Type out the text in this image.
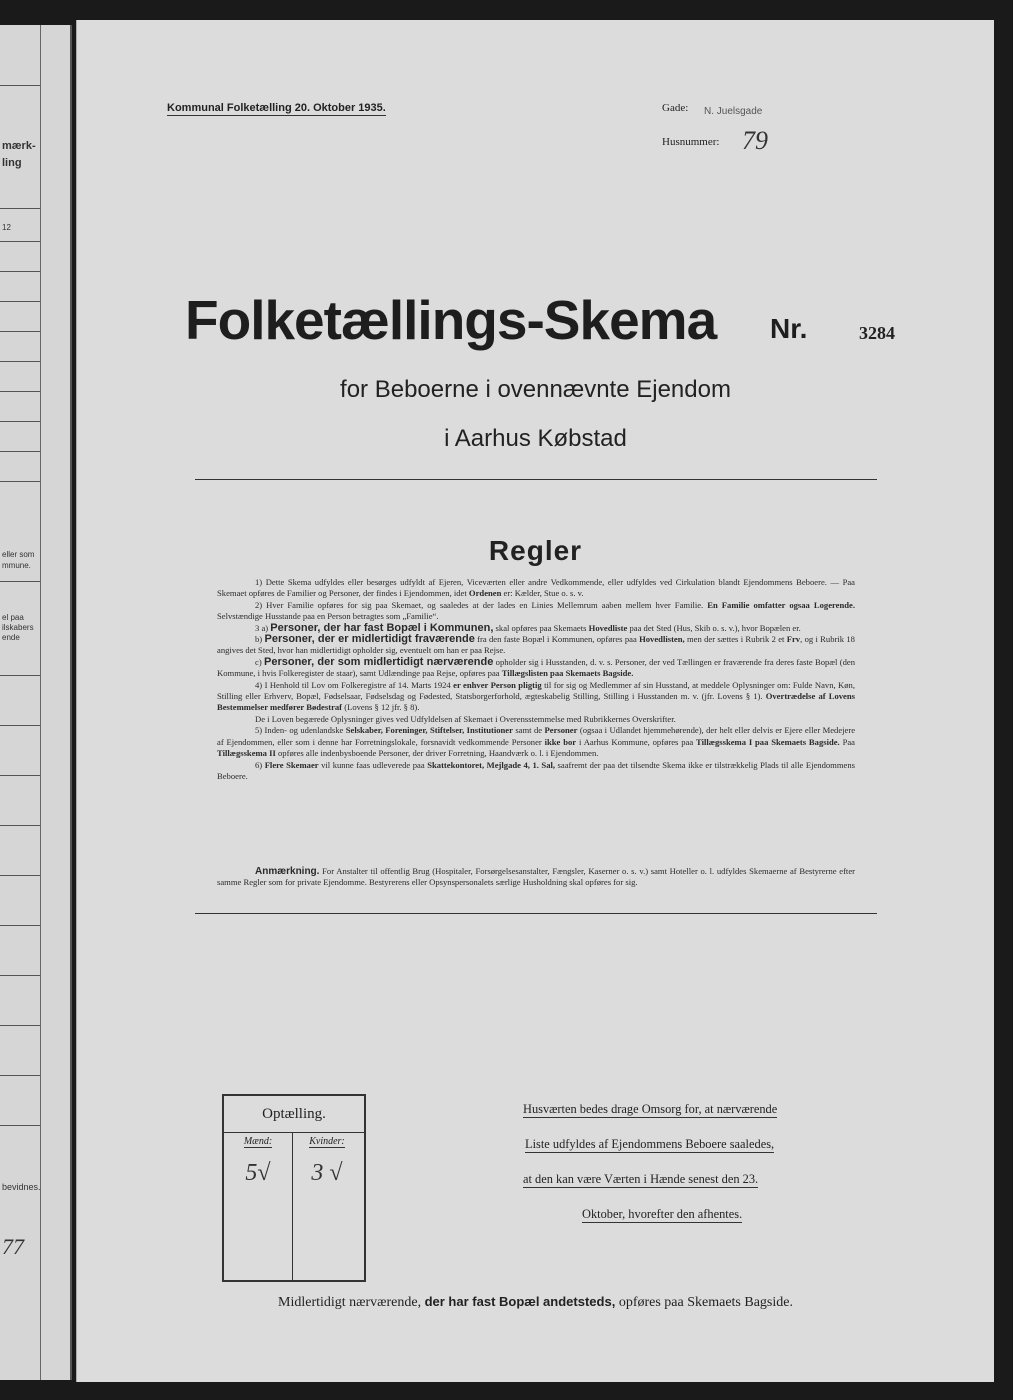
mærk-
ling
12
eller som
mmune.
el paa
ilskabers
ende
bevidnes.
77
Kommunal Folketælling 20. Oktober 1935.	Gade: N. Juelsgade
Husnummer: 79
Folketællings-Skema Nr.	3284
for Beboerne i ovennævnte Ejendom
i Aarhus Købstad
Regler

1) Dette Skema udfyldes eller besørges udfyldt af Ejeren, Viceværten eller andre Vedkommende, eller udfyldes ved Cirkulation blandt Ejendommens Beboere. — Paa Skemaet opføres de Familier og Personer, der findes i Ejendommen, idet Ordenen er: Kælder, Stue o. s. v.

2) Hver Familie opføres for sig paa Skemaet, og saaledes at der lades en Linies Mellemrum aaben mellem hver Familie. En Familie omfatter ogsaa Logerende. Selvstændige Husstande paa en Person betragtes som „Familie“.

3 a) Personer, der har fast Bopæl i Kommunen, skal opføres paa Skemaets Hovedliste paa det Sted (Hus, Skib o. s. v.), hvor Bopælen er.

b) Personer, der er midlertidigt fraværende fra den faste Bopæl i Kommunen, opføres paa Hovedlisten, men der sættes i Rubrik 2 et Frv, og i Rubrik 18 angives det Sted, hvor han midlertidigt opholder sig, eventuelt om han er paa Rejse.

c) Personer, der som midlertidigt nærværende opholder sig i Husstanden, d. v. s. Personer, der ved Tællingen er fraværende fra deres faste Bopæl (den Kommune, i hvis Folkeregister de staar), samt Udlændinge paa Rejse, opføres paa Tillægslisten paa Skemaets Bagside.

4) I Henhold til Lov om Folkeregistre af 14. Marts 1924 er enhver Person pligtig til for sig og Medlemmer af sin Husstand, at meddele Oplysninger om: Fulde Navn, Køn, Stilling eller Erhverv, Bopæl, Fødselsaar, Fødselsdag og Fødested, Statsborgerforhold, ægteskabelig Stilling, Stilling i Husstanden m. v. (jfr. Lovens § 1). Overtrædelse af Lovens Bestemmelser medfører Bødestraf (Lovens § 12 jfr. § 8).

De i Loven begærede Oplysninger gives ved Udfyldelsen af Skemaet i Overensstemmelse med Rubrikkernes Overskrifter.

5) Inden- og udenlandske Selskaber, Foreninger, Stiftelser, Institutioner samt de Personer (ogsaa i Udlandet hjemmehørende), der helt eller delvis er Ejere eller Medejere af Ejendommen, eller som i denne har Forretningslokale, forsnavidt vedkommende Personer ikke bor i Aarhus Kommune, opføres paa Tillægsskema I paa Skemaets Bagside. Paa Tillægsskema II opføres alle indenbysboende Personer, der driver Forretning, Haandværk o. l. i Ejendommen.

6) Flere Skemaer vil kunne faas udleverede paa Skattekontoret, Mejlgade 4, 1. Sal, saafremt der paa det tilsendte Skema ikke er tilstrækkelig Plads til alle Ejendommens Beboere.

Anmærkning. For Anstalter til offentlig Brug (Hospitaler, Forsørgelsesanstalter, Fængsler, Kaserner o. s. v.) samt Hoteller o. l. udfyldes Skemaerne af Bestyrerne efter samme Regler som for private Ejendomme. Bestyrerens eller Opsynspersonalets særlige Husholdning skal opføres for sig.
Optælling.
Mænd:	Kvinder:
5√	3 √
Husværten bedes drage Omsorg for, at nærværende
Liste udfyldes af Ejendommens Beboere saaledes,
at den kan være Værten i Hænde senest den 23.
Oktober, hvorefter den afhentes.
Midlertidigt nærværende, der har fast Bopæl andetsteds, opføres paa Skemaets Bagside.
